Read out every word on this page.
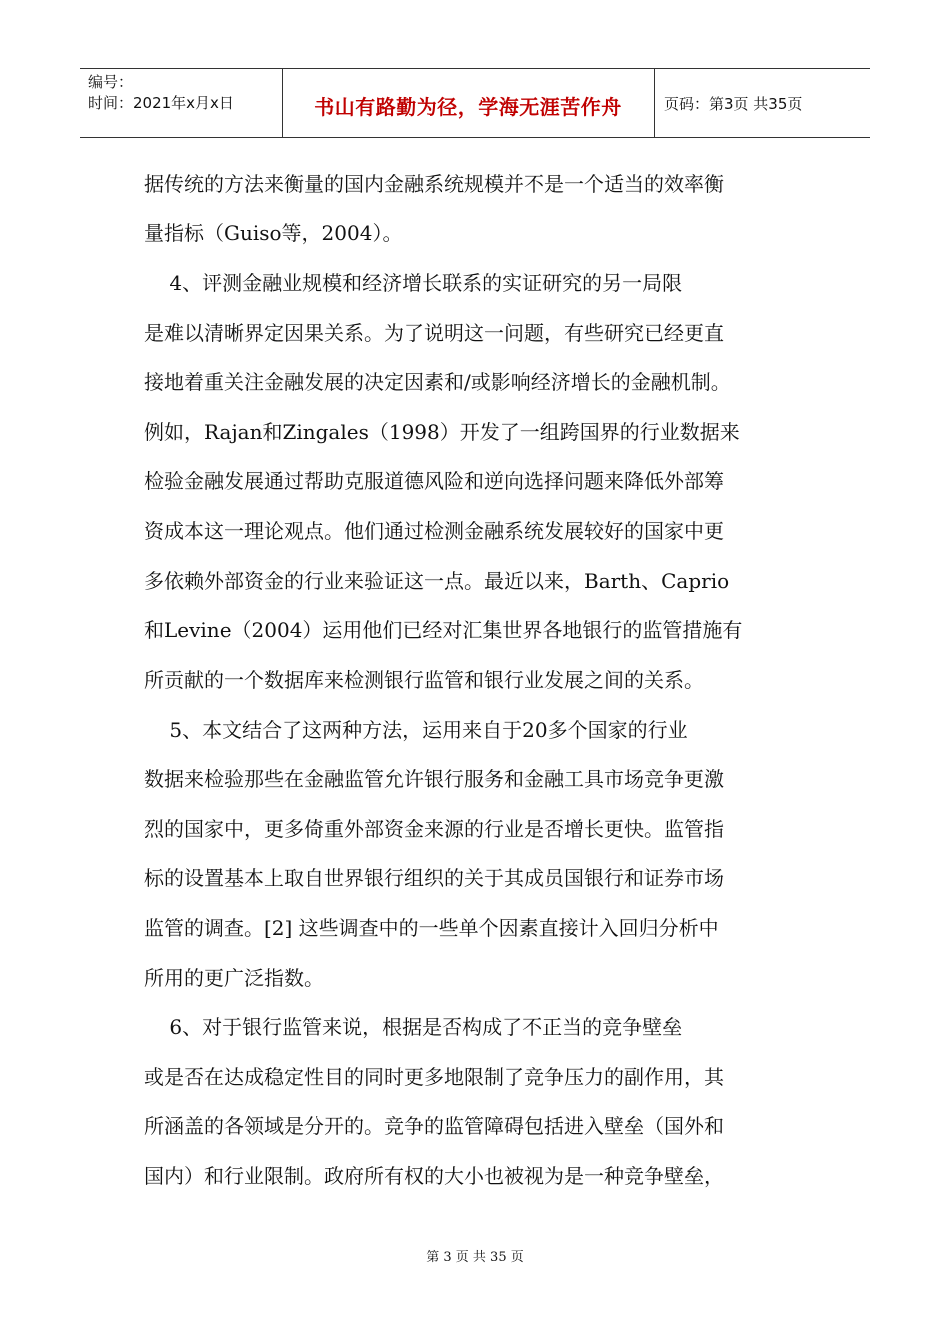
编号：
时间：2021年x月x日	书山有路勤为径，学海无涯苦作舟	页码：第3页 共35页
据传统的方法来衡量的国内金融系统规模并不是一个适当的效率衡
量指标（Guiso等，2004）。
4、评测金融业规模和经济增长联系的实证研究的另一局限
是难以清晰界定因果关系。为了说明这一问题，有些研究已经更直
接地着重关注金融发展的决定因素和/或影响经济增长的金融机制。
例如，Rajan和Zingales（1998）开发了一组跨国界的行业数据来
检验金融发展通过帮助克服道德风险和逆向选择问题来降低外部筹
资成本这一理论观点。他们通过检测金融系统发展较好的国家中更
多依赖外部资金的行业来验证这一点。最近以来，Barth、Caprio
和Levine（2004）运用他们已经对汇集世界各地银行的监管措施有
所贡献的一个数据库来检测银行监管和银行业发展之间的关系。
5、本文结合了这两种方法，运用来自于20多个国家的行业
数据来检验那些在金融监管允许银行服务和金融工具市场竞争更激
烈的国家中，更多倚重外部资金来源的行业是否增长更快。监管指
标的设置基本上取自世界银行组织的关于其成员国银行和证券市场
监管的调查。[2] 这些调查中的一些单个因素直接计入回归分析中
所用的更广泛指数。
6、对于银行监管来说，根据是否构成了不正当的竞争壁垒
或是否在达成稳定性目的同时更多地限制了竞争压力的副作用，其
所涵盖的各领域是分开的。竞争的监管障碍包括进入壁垒（国外和
国内）和行业限制。政府所有权的大小也被视为是一种竞争壁垒，
第 3 页 共 35 页
